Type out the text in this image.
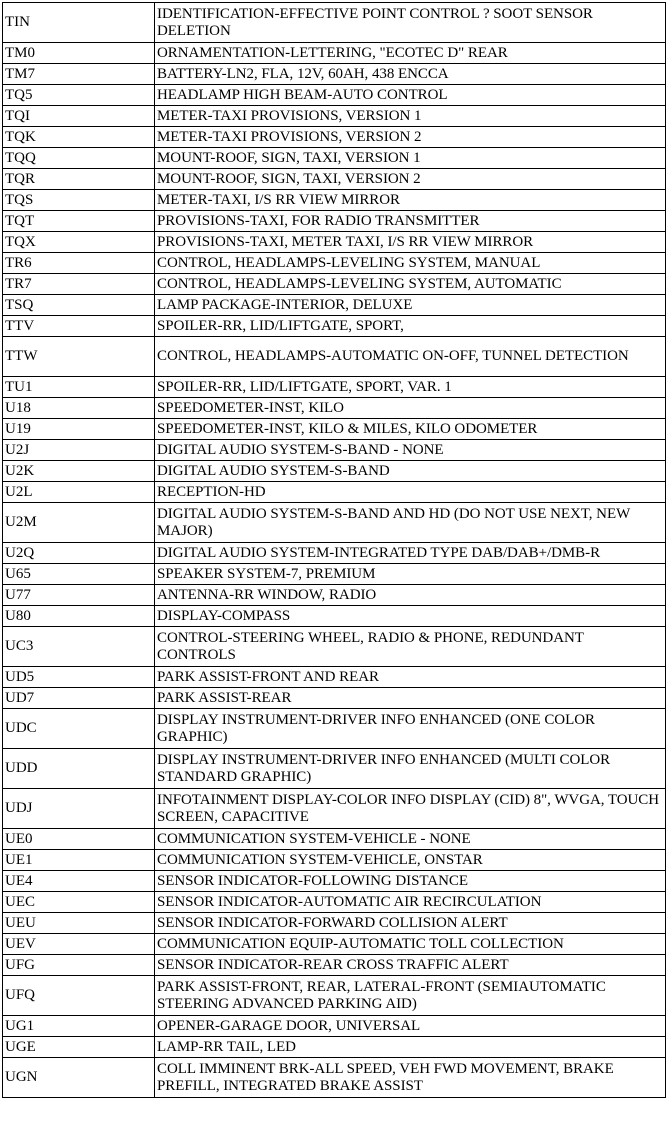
TIN	IDENTIFICATION-EFFECTIVE POINT CONTROL ? SOOT SENSOR DELETION
TM0	ORNAMENTATION-LETTERING, "ECOTEC D" REAR
TM7	BATTERY-LN2, FLA, 12V, 60AH, 438 ENCCA
TQ5	HEADLAMP HIGH BEAM-AUTO CONTROL
TQI	METER-TAXI PROVISIONS, VERSION 1
TQK	METER-TAXI PROVISIONS, VERSION 2
TQQ	MOUNT-ROOF, SIGN, TAXI, VERSION 1
TQR	MOUNT-ROOF, SIGN, TAXI, VERSION 2
TQS	METER-TAXI, I/S RR VIEW MIRROR
TQT	PROVISIONS-TAXI, FOR RADIO TRANSMITTER
TQX	PROVISIONS-TAXI, METER TAXI, I/S RR VIEW MIRROR
TR6	CONTROL, HEADLAMPS-LEVELING SYSTEM, MANUAL
TR7	CONTROL, HEADLAMPS-LEVELING SYSTEM, AUTOMATIC
TSQ	LAMP PACKAGE-INTERIOR, DELUXE
TTV	SPOILER-RR, LID/LIFTGATE, SPORT,
TTW	CONTROL, HEADLAMPS-AUTOMATIC ON-OFF, TUNNEL DETECTION
TU1	SPOILER-RR, LID/LIFTGATE, SPORT, VAR. 1
U18	SPEEDOMETER-INST, KILO
U19	SPEEDOMETER-INST, KILO & MILES, KILO ODOMETER
U2J	DIGITAL AUDIO SYSTEM-S-BAND - NONE
U2K	DIGITAL AUDIO SYSTEM-S-BAND
U2L	RECEPTION-HD
U2M	DIGITAL AUDIO SYSTEM-S-BAND AND HD (DO NOT USE NEXT, NEW MAJOR)
U2Q	DIGITAL AUDIO SYSTEM-INTEGRATED TYPE DAB/DAB+/DMB-R
U65	SPEAKER SYSTEM-7, PREMIUM
U77	ANTENNA-RR WINDOW, RADIO
U80	DISPLAY-COMPASS
UC3	CONTROL-STEERING WHEEL, RADIO & PHONE, REDUNDANT CONTROLS
UD5	PARK ASSIST-FRONT AND REAR
UD7	PARK ASSIST-REAR
UDC	DISPLAY INSTRUMENT-DRIVER INFO ENHANCED (ONE COLOR GRAPHIC)
UDD	DISPLAY INSTRUMENT-DRIVER INFO ENHANCED (MULTI COLOR STANDARD GRAPHIC)
UDJ	INFOTAINMENT DISPLAY-COLOR INFO DISPLAY (CID) 8", WVGA, TOUCH SCREEN, CAPACITIVE
UE0	COMMUNICATION SYSTEM-VEHICLE - NONE
UE1	COMMUNICATION SYSTEM-VEHICLE, ONSTAR
UE4	SENSOR INDICATOR-FOLLOWING DISTANCE
UEC	SENSOR INDICATOR-AUTOMATIC AIR RECIRCULATION
UEU	SENSOR INDICATOR-FORWARD COLLISION ALERT
UEV	COMMUNICATION EQUIP-AUTOMATIC TOLL COLLECTION
UFG	SENSOR INDICATOR-REAR CROSS TRAFFIC ALERT
UFQ	PARK ASSIST-FRONT, REAR, LATERAL-FRONT (SEMIAUTOMATIC STEERING ADVANCED PARKING AID)
UG1	OPENER-GARAGE DOOR, UNIVERSAL
UGE	LAMP-RR TAIL, LED
UGN	COLL IMMINENT BRK-ALL SPEED, VEH FWD MOVEMENT, BRAKE PREFILL, INTEGRATED BRAKE ASSIST
